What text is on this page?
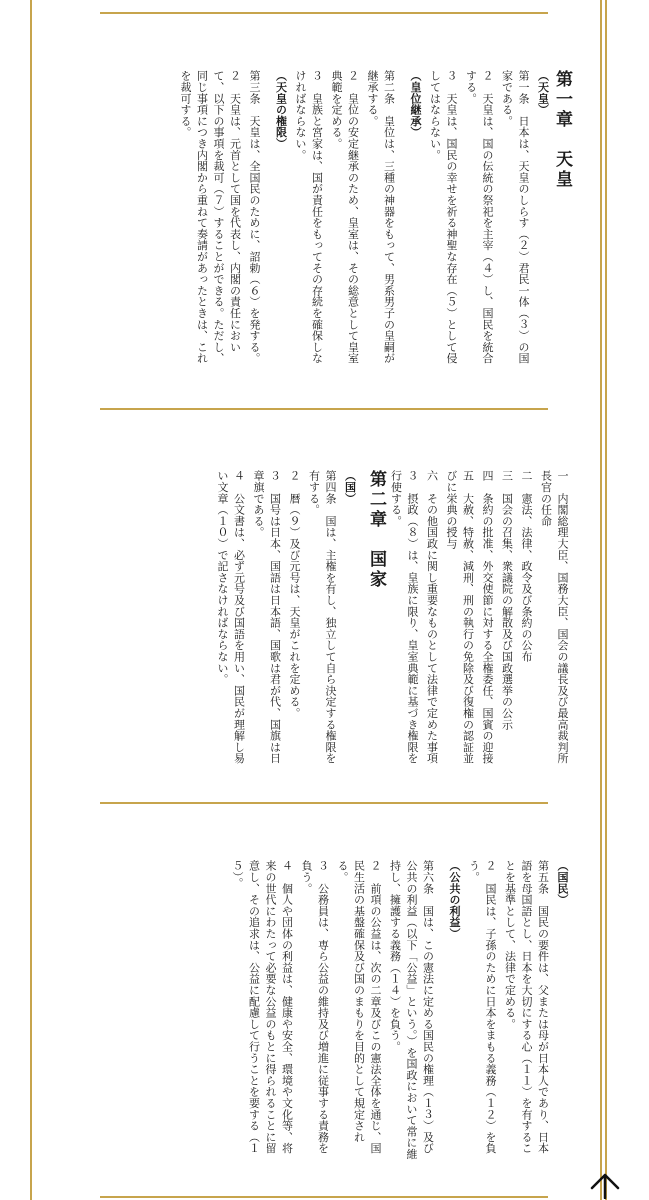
第一章　天皇
（天皇）
第一条　日本は、天皇のしらす（２）君民一体（３）の国家である。
２　天皇は、国の伝統の祭祀を主宰（４）し、国民を統合する。
３　天皇は、国民の幸せを祈る神聖な存在（５）として侵してはならない。
（皇位継承）
第二条　皇位は、三種の神器をもって、男系男子の皇嗣が継承する。
２　皇位の安定継承のため、皇室は、その総意として皇室典範を定める。
３　皇族と宮家は、国が責任をもってその存続を確保しなければならない。
（天皇の権限）
第三条　天皇は、全国民のために、詔勅（６）を発する。
２　天皇は、元首として国を代表し、内閣の責任において、以下の事項を裁可（７）することができる。ただし、同じ事項につき内閣から重ねて奏請があったときは、これを裁可する。
一　内閣総理大臣、国務大臣、国会の議長及び最高裁判所長官の任命
二　憲法、法律、政令及び条約の公布
三　国会の召集、衆議院の解散及び国政選挙の公示
四　条約の批准、外交使節に対する全権委任、国賓の迎接
五　大赦、特赦、減刑、刑の執行の免除及び復権の認証並びに栄典の授与
六　その他国政に関し重要なものとして法律で定めた事項
３　摂政（８）は、皇族に限り、皇室典範に基づき権限を行使する。
第二章　国家
（国）
第四条　国は、主権を有し、独立して自ら決定する権限を有する。
２　暦（９）及び元号は、天皇がこれを定める。
３　国号は日本、国語は日本語、国歌は君が代、国旗は日章旗である。
４　公文書は、必ず元号及び国語を用い、国民が理解し易い文章（１０）で記さなければならない。
（国民）
第五条　国民の要件は、父または母が日本人であり、日本語を母国語とし、日本を大切にする心（１１）を有することを基準として、法律で定める。
２　国民は、子孫のために日本をまもる義務（１２）を負う。
（公共の利益）
第六条　国は、この憲法に定める国民の権理（１３）及び公共の利益（以下「公益」という。）を国政において常に維持し、擁護する義務（１４）を負う。
２　前項の公益は、次の二章及びこの憲法全体を通じ、国民生活の基盤確保及び国のまもりを目的として規定される。
３　公務員は、専ら公益の維持及び増進に従事する責務を負う。
４　個人や団体の利益は、健康や安全、環境や文化等、将来の世代にわたって必要な公益のもとに得られることに留意し、その追求は、公益に配慮して行うことを要する（１５）。
